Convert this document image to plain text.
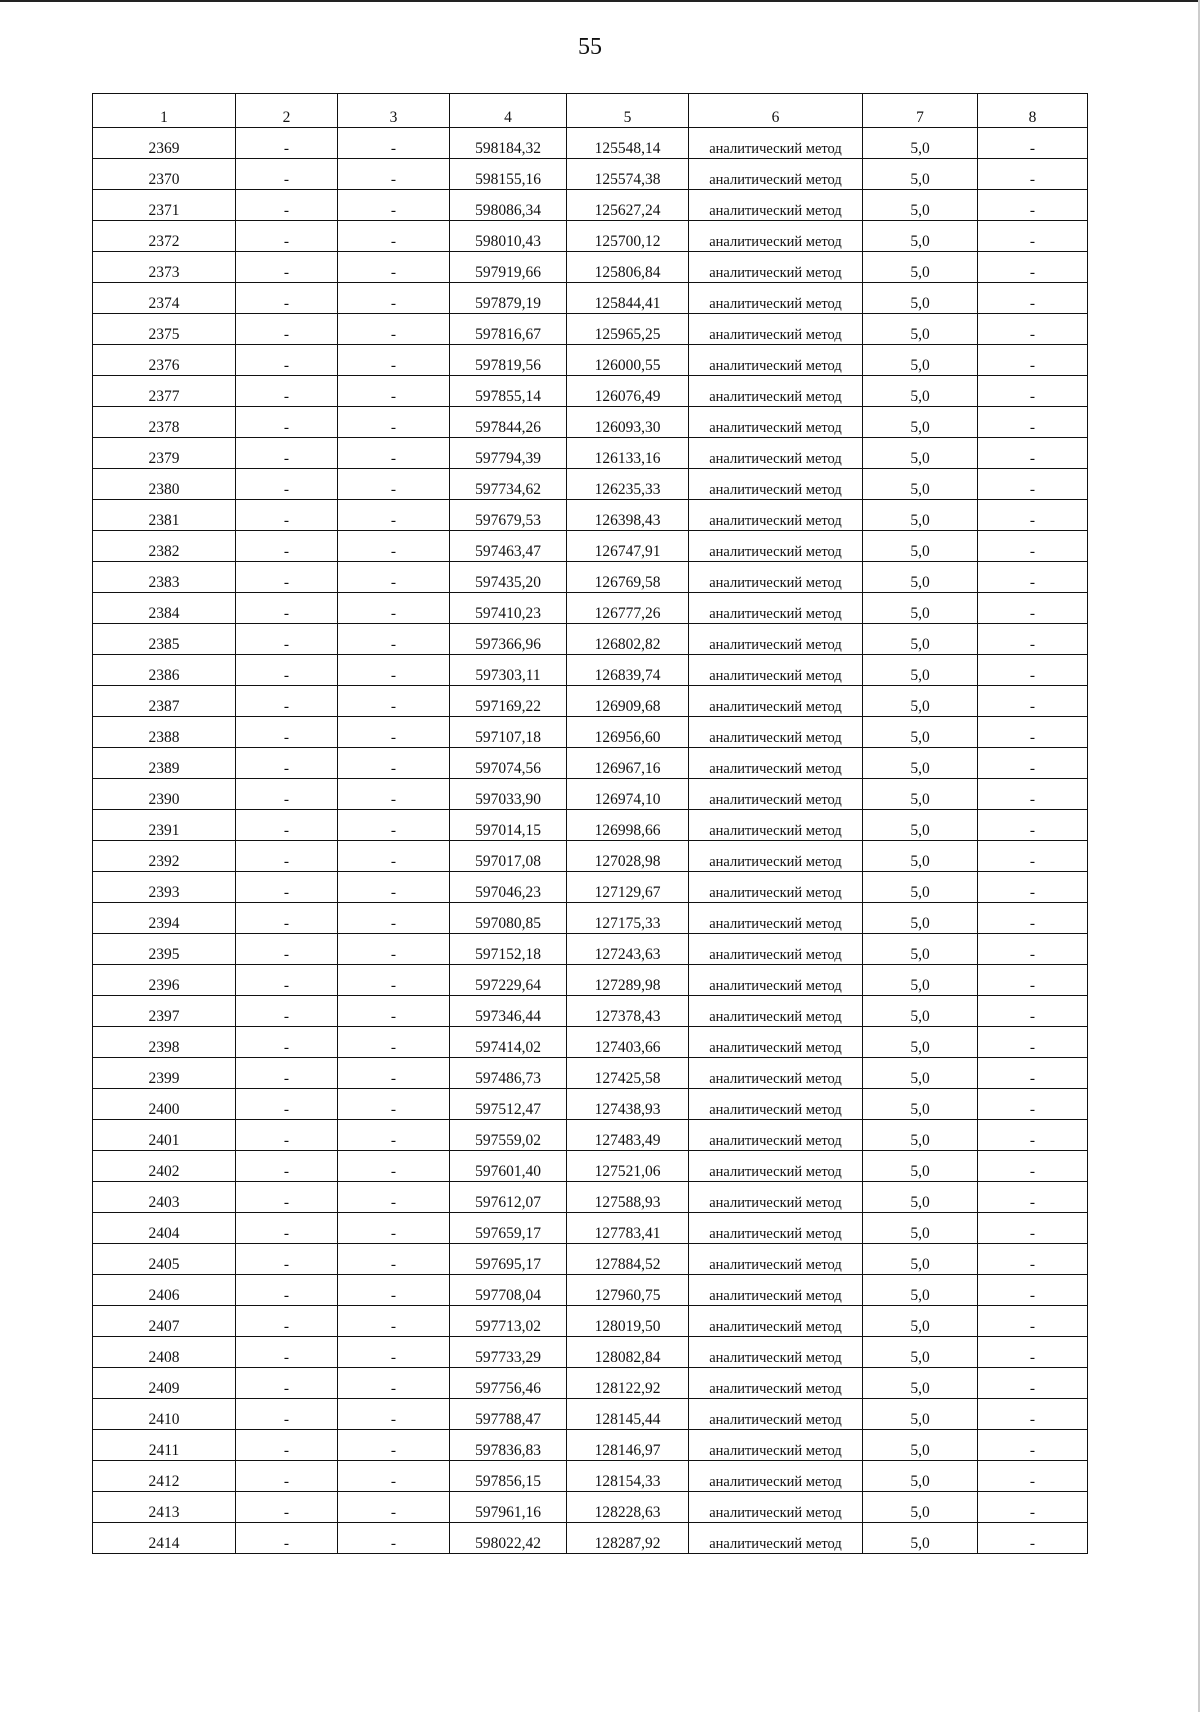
55
1	2	3	4	5	6	7	8
2369	-	-	598184,32	125548,14	аналитический метод	5,0	-
2370	-	-	598155,16	125574,38	аналитический метод	5,0	-
2371	-	-	598086,34	125627,24	аналитический метод	5,0	-
2372	-	-	598010,43	125700,12	аналитический метод	5,0	-
2373	-	-	597919,66	125806,84	аналитический метод	5,0	-
2374	-	-	597879,19	125844,41	аналитический метод	5,0	-
2375	-	-	597816,67	125965,25	аналитический метод	5,0	-
2376	-	-	597819,56	126000,55	аналитический метод	5,0	-
2377	-	-	597855,14	126076,49	аналитический метод	5,0	-
2378	-	-	597844,26	126093,30	аналитический метод	5,0	-
2379	-	-	597794,39	126133,16	аналитический метод	5,0	-
2380	-	-	597734,62	126235,33	аналитический метод	5,0	-
2381	-	-	597679,53	126398,43	аналитический метод	5,0	-
2382	-	-	597463,47	126747,91	аналитический метод	5,0	-
2383	-	-	597435,20	126769,58	аналитический метод	5,0	-
2384	-	-	597410,23	126777,26	аналитический метод	5,0	-
2385	-	-	597366,96	126802,82	аналитический метод	5,0	-
2386	-	-	597303,11	126839,74	аналитический метод	5,0	-
2387	-	-	597169,22	126909,68	аналитический метод	5,0	-
2388	-	-	597107,18	126956,60	аналитический метод	5,0	-
2389	-	-	597074,56	126967,16	аналитический метод	5,0	-
2390	-	-	597033,90	126974,10	аналитический метод	5,0	-
2391	-	-	597014,15	126998,66	аналитический метод	5,0	-
2392	-	-	597017,08	127028,98	аналитический метод	5,0	-
2393	-	-	597046,23	127129,67	аналитический метод	5,0	-
2394	-	-	597080,85	127175,33	аналитический метод	5,0	-
2395	-	-	597152,18	127243,63	аналитический метод	5,0	-
2396	-	-	597229,64	127289,98	аналитический метод	5,0	-
2397	-	-	597346,44	127378,43	аналитический метод	5,0	-
2398	-	-	597414,02	127403,66	аналитический метод	5,0	-
2399	-	-	597486,73	127425,58	аналитический метод	5,0	-
2400	-	-	597512,47	127438,93	аналитический метод	5,0	-
2401	-	-	597559,02	127483,49	аналитический метод	5,0	-
2402	-	-	597601,40	127521,06	аналитический метод	5,0	-
2403	-	-	597612,07	127588,93	аналитический метод	5,0	-
2404	-	-	597659,17	127783,41	аналитический метод	5,0	-
2405	-	-	597695,17	127884,52	аналитический метод	5,0	-
2406	-	-	597708,04	127960,75	аналитический метод	5,0	-
2407	-	-	597713,02	128019,50	аналитический метод	5,0	-
2408	-	-	597733,29	128082,84	аналитический метод	5,0	-
2409	-	-	597756,46	128122,92	аналитический метод	5,0	-
2410	-	-	597788,47	128145,44	аналитический метод	5,0	-
2411	-	-	597836,83	128146,97	аналитический метод	5,0	-
2412	-	-	597856,15	128154,33	аналитический метод	5,0	-
2413	-	-	597961,16	128228,63	аналитический метод	5,0	-
2414	-	-	598022,42	128287,92	аналитический метод	5,0	-
